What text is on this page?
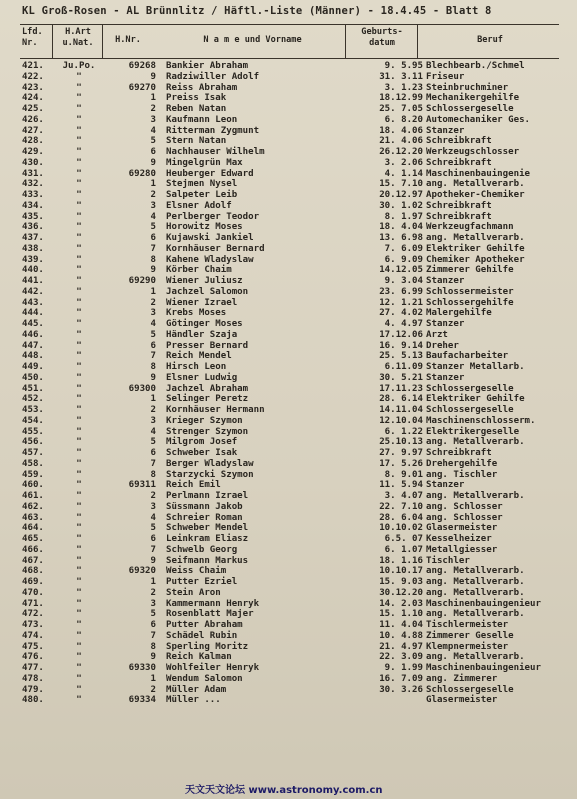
KL Groß-Rosen - AL Brünnlitz / Häftl.-Liste (Männer) - 18.4.45 - Blatt 8
Lfd.
Nr.
H.Art
u.Nat.	H.Nr.	N a m e und Vorname
Geburts-
datum	Beruf
421.	Ju.Po.	69268 Bankier Abraham	9. 5.95 Blechbearb./Schmel
422.	"	9 Radziwiller Adolf	31. 3.11 Friseur
423.	"	69270 Reiss Abraham	3. 1.23 Steinbruchminer
424.	"	1 Preiss Isak	18.12.99 Mechanikergehilfe
425.	"	2 Reben Natan	25. 7.05 Schlossergeselle
426.	"	3 Kaufmann Leon	6. 8.20 Automechaniker Ges.
427.	"	4 Ritterman Zygmunt	18. 4.06 Stanzer
428.	"	5 Stern Natan	21. 4.06 Schreibkraft
429.	"	6 Nachhauser Wilhelm	26.12.20 Werkzeugschlosser
430.	"	9 Mingelgrün Max	3. 2.06 Schreibkraft
431.	"	69280 Heuberger Edward	4. 1.14 Maschinenbauingenie
432.	"	1 Stejmen Nysel	15. 7.10 ang. Metallverarb.
433.	"	2 Salpeter Leib	20.12.97 Apotheker-Chemiker
434.	"	3 Elsner Adolf	30. 1.02 Schreibkraft
435.	"	4 Perlberger Teodor	8. 1.97 Schreibkraft
436.	"	5 Horowitz Moses	18. 4.04 Werkzeugfachmann
437.	"	6 Kujawski Jankiel	13. 6.98 ang. Metallverarb.
438.	"	7 Kornhäuser Bernard	7. 6.09 Elektriker Gehilfe
439.	"	8 Kahene Wladyslaw	6. 9.09 Chemiker Apotheker
440.	"	9 Körber Chaim	14.12.05 Zimmerer Gehilfe
441.	"	69290 Wiener Juliusz	9. 3.04 Stanzer
442.	"	1 Jachzel Salomon	23. 6.99 Schlossermeister
443.	"	2 Wiener Izrael	12. 1.21 Schlossergehilfe
444.	"	3 Krebs Moses	27. 4.02 Malergehilfe
445.	"	4 Götinger Moses	4. 4.97 Stanzer
446.	"	5 Händler Szaja	17.12.06 Arzt
447.	"	6 Presser Bernard	16. 9.14 Dreher
448.	"	7 Reich Mendel	25. 5.13 Baufacharbeiter
449.	"	8 Hirsch Leon	6.11.09 Stanzer Metallarb.
450.	"	9 Elsner Ludwig	30. 5.21 Stanzer
451.	"	69300 Jachzel Abraham	17.11.23 Schlossergeselle
452.	"	1 Selinger Peretz	28. 6.14 Elektriker Gehilfe
453.	"	2 Kornhäuser Hermann	14.11.04 Schlossergeselle
454.	"	3 Krieger Szymon	12.10.04 Maschinenschlosserm.
455.	"	4 Strenger Szymon	6. 1.22 Elektrikergeselle
456.	"	5 Milgrom Josef	25.10.13 ang. Metallverarb.
457.	"	6 Schweber Isak	27. 9.97 Schreibkraft
458.	"	7 Berger Wladyslaw	17. 5.26 Drehergehilfe
459.	"	8 Starzycki Szymon	8. 9.01 ang. Tischler
460.	"	69311 Reich Emil	11. 5.94 Stanzer
461.	"	2 Perlmann Izrael	3. 4.07 ang. Metallverarb.
462.	"	3 Süssmann Jakob	22. 7.10 ang. Schlosser
463.	"	4 Schreier Roman	28. 6.04 ang. Schlosser
464.	"	5 Schweber Mendel	10.10.02 Glasermeister
465.	"	6 Leinkram Eliasz	6.5. 07 Kesselheizer
466.	"	7 Schwelb Georg	6. 1.07 Metallgiesser
467.	"	9 Seifmann Markus	18. 1.16 Tischler
468.	"	69320 Weiss Chaim	10.10.17 ang. Metallverarb.
469.	"	1 Putter Ezriel	15. 9.03 ang. Metallverarb.
470.	"	2 Stein Aron	30.12.20 ang. Metallverarb.
471.	"	3 Kammermann Henryk	14. 2.03 Maschinenbauingenieur
472.	"	5 Rosenblatt Majer	15. 1.10 ang. Metallverarb.
473.	"	6 Putter Abraham	11. 4.04 Tischlermeister
474.	"	7 Schädel Rubin	10. 4.88 Zimmerer Geselle
475.	"	8 Sperling Moritz	21. 4.97 Klempnermeister
476.	"	9 Reich Kalman	22. 3.09 ang. Metallverarb.
477.	"	69330 Wohlfeiler Henryk	9. 1.99 Maschinenbauingenieur
478.	"	1 Wendum Salomon	16. 7.09 ang. Zimmerer
479.	"	2 Müller Adam	30. 3.26 Schlossergeselle
480.	"	69334 Müller ...	Glasermeister
天文天文论坛 www.astronomy.com.cn
